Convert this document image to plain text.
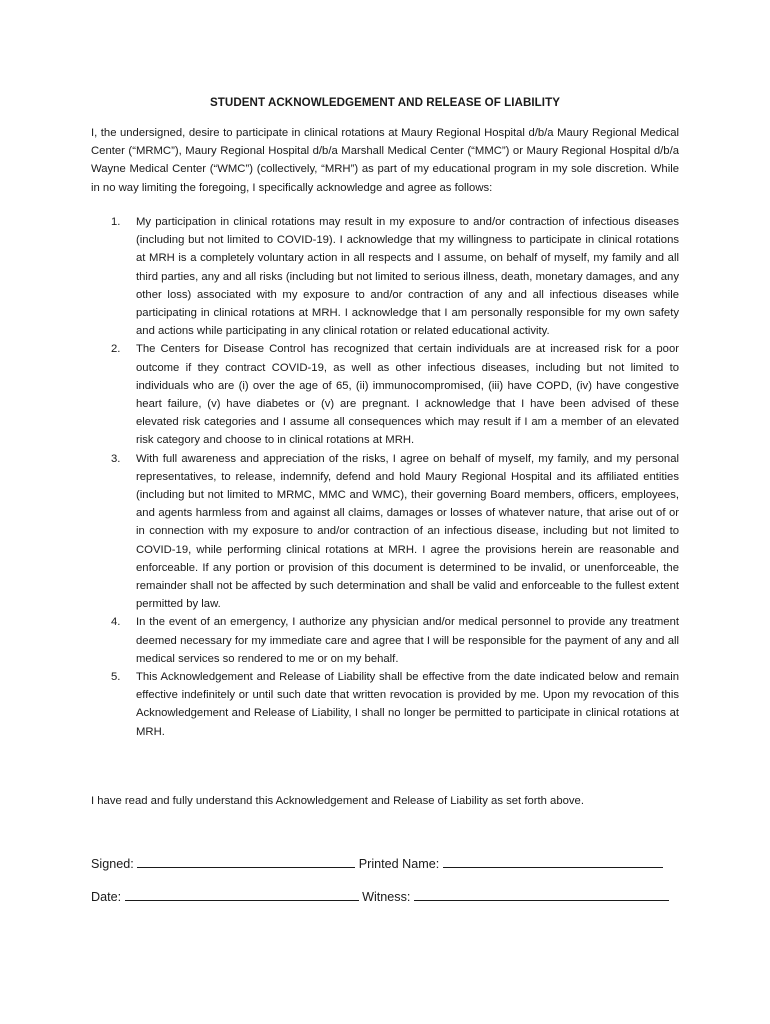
STUDENT ACKNOWLEDGEMENT AND RELEASE OF LIABILITY

I, the undersigned, desire to participate in clinical rotations at Maury Regional Hospital d/b/a Maury Regional Medical Center (“MRMC”), Maury Regional Hospital d/b/a Marshall Medical Center (“MMC”) or Maury Regional Hospital d/b/a Wayne Medical Center (“WMC”) (collectively, “MRH”) as part of my educational program in my sole discretion. While in no way limiting the foregoing, I specifically acknowledge and agree as follows:

1. My participation in clinical rotations may result in my exposure to and/or contraction of infectious diseases (including but not limited to COVID-19). I acknowledge that my willingness to participate in clinical rotations at MRH is a completely voluntary action in all respects and I assume, on behalf of myself, my family and all third parties, any and all risks (including but not limited to serious illness, death, monetary damages, and any other loss) associated with my exposure to and/or contraction of any and all infectious diseases while participating in clinical rotations at MRH. I acknowledge that I am personally responsible for my own safety and actions while participating in any clinical rotation or related educational activity.
2. The Centers for Disease Control has recognized that certain individuals are at increased risk for a poor outcome if they contract COVID-19, as well as other infectious diseases, including but not limited to individuals who are (i) over the age of 65, (ii) immunocompromised, (iii) have COPD, (iv) have congestive heart failure, (v) have diabetes or (v) are pregnant. I acknowledge that I have been advised of these elevated risk categories and I assume all consequences which may result if I am a member of an elevated risk category and choose to in clinical rotations at MRH.
3. With full awareness and appreciation of the risks, I agree on behalf of myself, my family, and my personal representatives, to release, indemnify, defend and hold Maury Regional Hospital and its affiliated entities (including but not limited to MRMC, MMC and WMC), their governing Board members, officers, employees, and agents harmless from and against all claims, damages or losses of whatever nature, that arise out of or in connection with my exposure to and/or contraction of an infectious disease, including but not limited to COVID-19, while performing clinical rotations at MRH. I agree the provisions herein are reasonable and enforceable. If any portion or provision of this document is determined to be invalid, or unenforceable, the remainder shall not be affected by such determination and shall be valid and enforceable to the fullest extent permitted by law.
4. In the event of an emergency, I authorize any physician and/or medical personnel to provide any treatment deemed necessary for my immediate care and agree that I will be responsible for the payment of any and all medical services so rendered to me or on my behalf.
5. This Acknowledgement and Release of Liability shall be effective from the date indicated below and remain effective indefinitely or until such date that written revocation is provided by me. Upon my revocation of this Acknowledgement and Release of Liability, I shall no longer be permitted to participate in clinical rotations at MRH.

I have read and fully understand this Acknowledgement and Release of Liability as set forth above.

Signed:	Printed Name:
Date:	Witness:
